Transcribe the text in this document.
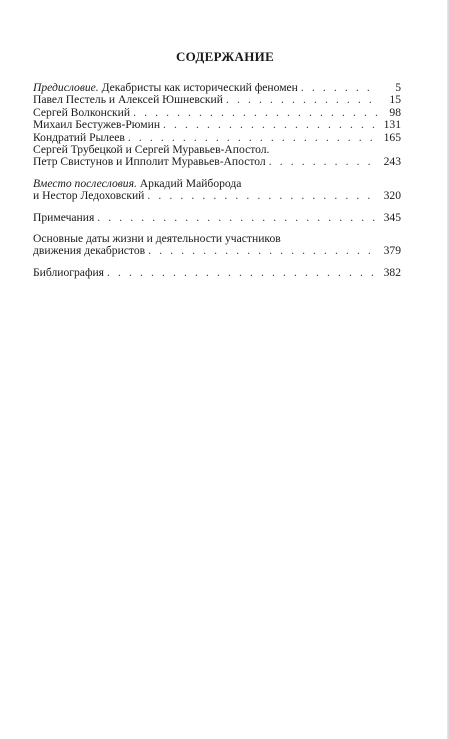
СОДЕРЖАНИЕ
Предисловие. Декабристы как исторический феномен . . .	5
Павел Пестель и Алексей Юшневский . . .	15
Сергей Волконский . . .	98
Михаил Бестужев-Рюмин . . .	131
Кондратий Рылеев . . .	165
Сергей Трубецкой и Сергей Муравьев-Апостол.
Петр Свистунов и Ипполит Муравьев-Апостол . . .	243
Вместо послесловия. Аркадий Майборода
и Нестор Ледоховский . . .	320
Примечания . . .	345
Основные даты жизни и деятельности участников
движения декабристов . . .	379
Библиография . . .	382
